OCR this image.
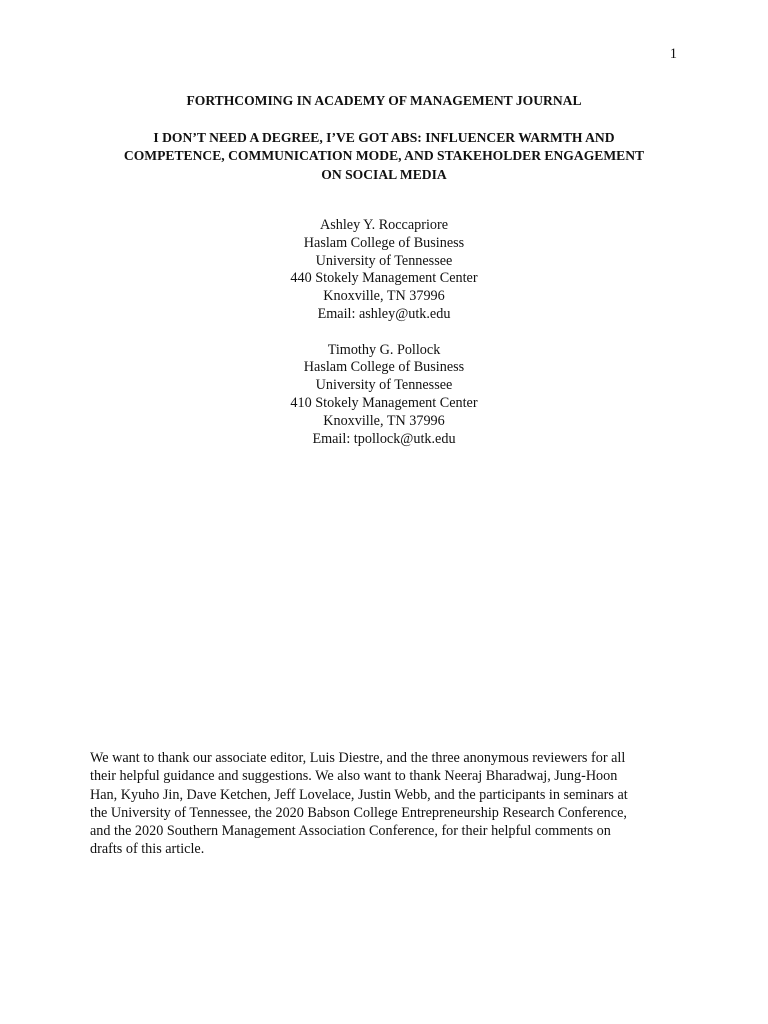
1

FORTHCOMING IN ACADEMY OF MANAGEMENT JOURNAL

I DON’T NEED A DEGREE, I’VE GOT ABS: INFLUENCER WARMTH AND
COMPETENCE, COMMUNICATION MODE, AND STAKEHOLDER ENGAGEMENT
ON SOCIAL MEDIA

Ashley Y. Roccapriore
Haslam College of Business
University of Tennessee
440 Stokely Management Center
Knoxville, TN 37996
Email: ashley@utk.edu
Timothy G. Pollock
Haslam College of Business
University of Tennessee
410 Stokely Management Center
Knoxville, TN 37996
Email: tpollock@utk.edu

We want to thank our associate editor, Luis Diestre, and the three anonymous reviewers for all
their helpful guidance and suggestions. We also want to thank Neeraj Bharadwaj, Jung-Hoon
Han, Kyuho Jin, Dave Ketchen, Jeff Lovelace, Justin Webb, and the participants in seminars at
the University of Tennessee, the 2020 Babson College Entrepreneurship Research Conference,
and the 2020 Southern Management Association Conference, for their helpful comments on
drafts of this article.
